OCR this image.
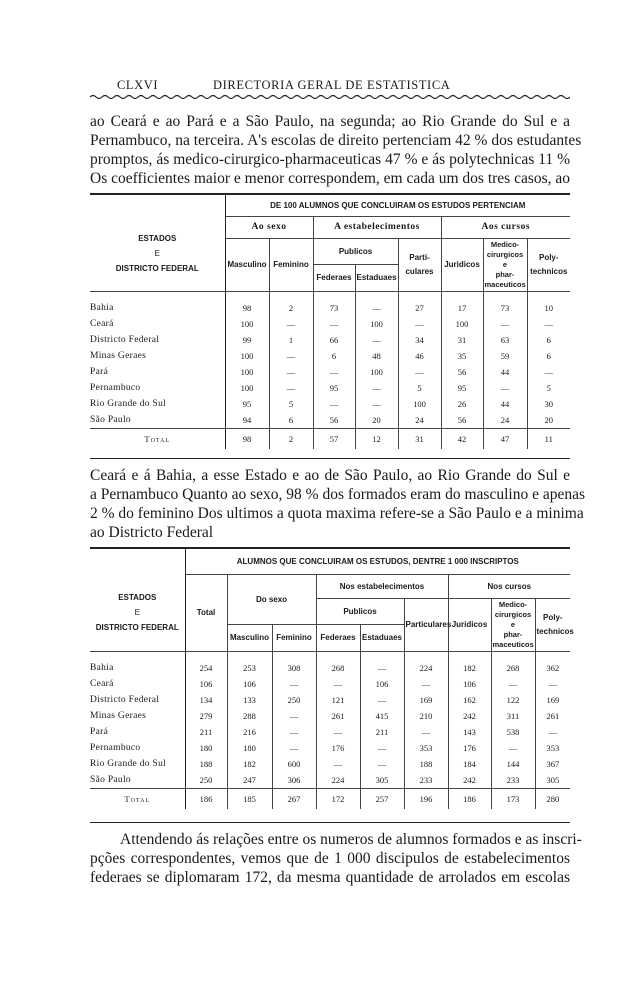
CLXVI	DIRECTORIA GERAL DE ESTATISTICA
ao Ceará e ao Pará e a São Paulo, na segunda; ao Rio Grande do Sul e a
Pernambuco, na terceira. A's escolas de direito pertenciam 42 % dos estudantes
promptos, ás medico-cirurgico-pharmaceuticas 47 % e ás polytechnicas 11 %
Os coefficientes maior e menor correspondem, em cada um dos tres casos, ao
	DE 100 ALUMNOS QUE CONCLUIRAM OS ESTUDOS PERTENCIAM							
ESTADOS
E
DISTRICTO FEDERAL	Ao sexo		A estabelecimentos			Aos cursos		
	Masculino	Feminino	Publicos		Parti-
culares	Juridicos	Medico-
cirurgicos e
phar-
maceuticos	Poly-
technicos
			Federaes	Estaduaes				
Bahia	98	2	73	—	27	17	73	10
Ceará	100	—	—	100	—	100	—	—
Districto Federal	99	1	66	—	34	31	63	6
Minas Geraes	100	—	6	48	46	35	59	6
Pará	100	—	—	100	—	56	44	—
Pernambuco	100	—	95	—	5	95	—	5
Rio Grande do Sul	95	5	—	—	100	26	44	30
São Paulo	94	6	56	20	24	56	24	20
Total	98	2	57	12	31	42	47	11
Ceará e á Bahia, a esse Estado e ao de São Paulo, ao Rio Grande do Sul e
a Pernambuco Quanto ao sexo, 98 % dos formados eram do masculino e apenas
2 % do feminino Dos ultimos a quota maxima refere-se a São Paulo e a minima
ao Districto Federal
	ALUMNOS QUE CONCLUIRAM OS ESTUDOS, DENTRE 1 000 INSCRIPTOS								
ESTADOS
E
DISTRICTO FEDERAL	Total	Do sexo		Nos estabelecimentos			Nos cursos		
				Publicos		Particulares	Juridicos	Medico-
cirurgicos e
phar-
maceuticos	Poly-
technicos
		Masculino	Feminino	Federaes	Estaduaes				
Bahia	254	253	308	268	—	224	182	268	362
Ceará	106	106	—	—	106	—	106	—	—
Districto Federal	134	133	250	121	—	169	162	122	169
Minas Geraes	279	288	—	261	415	210	242	311	261
Pará	211	216	—	—	211	—	143	538	—
Pernambuco	180	180	—	176	—	353	176	—	353
Rio Grande do Sul	188	182	600	—	—	188	184	144	367
São Paulo	250	247	306	224	305	233	242	233	305
Total	186	185	267	172	257	196	186	173	280
Attendendo ás relações entre os numeros de alumnos formados e as inscri-
pções correspondentes, vemos que de 1 000 discipulos de estabelecimentos
federaes se diplomaram 172, da mesma quantidade de arrolados em escolas
